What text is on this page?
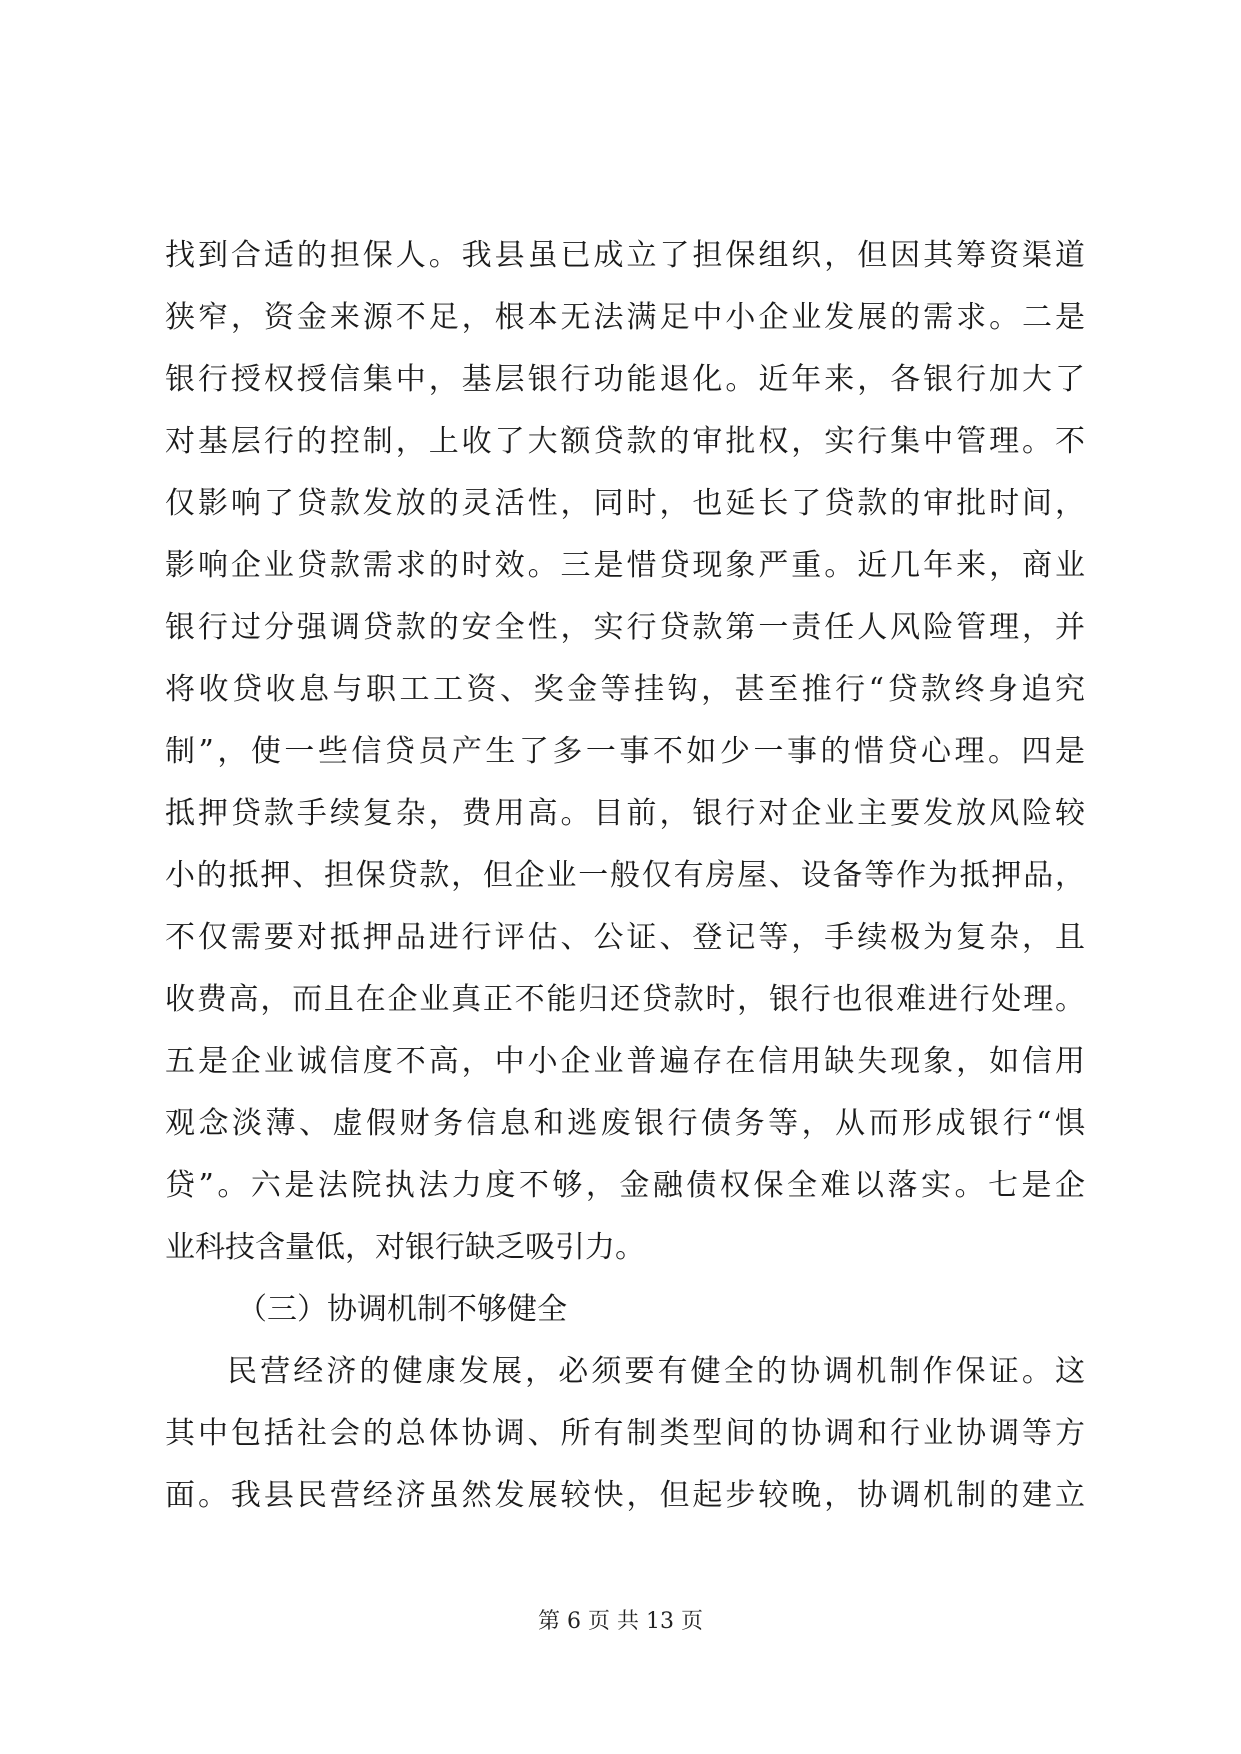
找到合适的担保人。我县虽已成立了担保组织，但因其筹资渠道
狭窄，资金来源不足，根本无法满足中小企业发展的需求。二是
银行授权授信集中，基层银行功能退化。近年来，各银行加大了
对基层行的控制，上收了大额贷款的审批权，实行集中管理。不
仅影响了贷款发放的灵活性，同时，也延长了贷款的审批时间，
影响企业贷款需求的时效。三是惜贷现象严重。近几年来，商业
银行过分强调贷款的安全性，实行贷款第一责任人风险管理，并
将收贷收息与职工工资、奖金等挂钩，甚至推行“贷款终身追究
制”，使一些信贷员产生了多一事不如少一事的惜贷心理。四是
抵押贷款手续复杂，费用高。目前，银行对企业主要发放风险较
小的抵押、担保贷款，但企业一般仅有房屋、设备等作为抵押品，
不仅需要对抵押品进行评估、公证、登记等，手续极为复杂，且
收费高，而且在企业真正不能归还贷款时，银行也很难进行处理。
五是企业诚信度不高，中小企业普遍存在信用缺失现象，如信用
观念淡薄、虚假财务信息和逃废银行债务等，从而形成银行“惧
贷”。六是法院执法力度不够，金融债权保全难以落实。七是企
业科技含量低，对银行缺乏吸引力。
（三）协调机制不够健全
民营经济的健康发展，必须要有健全的协调机制作保证。这
其中包括社会的总体协调、所有制类型间的协调和行业协调等方
面。我县民营经济虽然发展较快，但起步较晚，协调机制的建立
第 6 页 共 13 页
